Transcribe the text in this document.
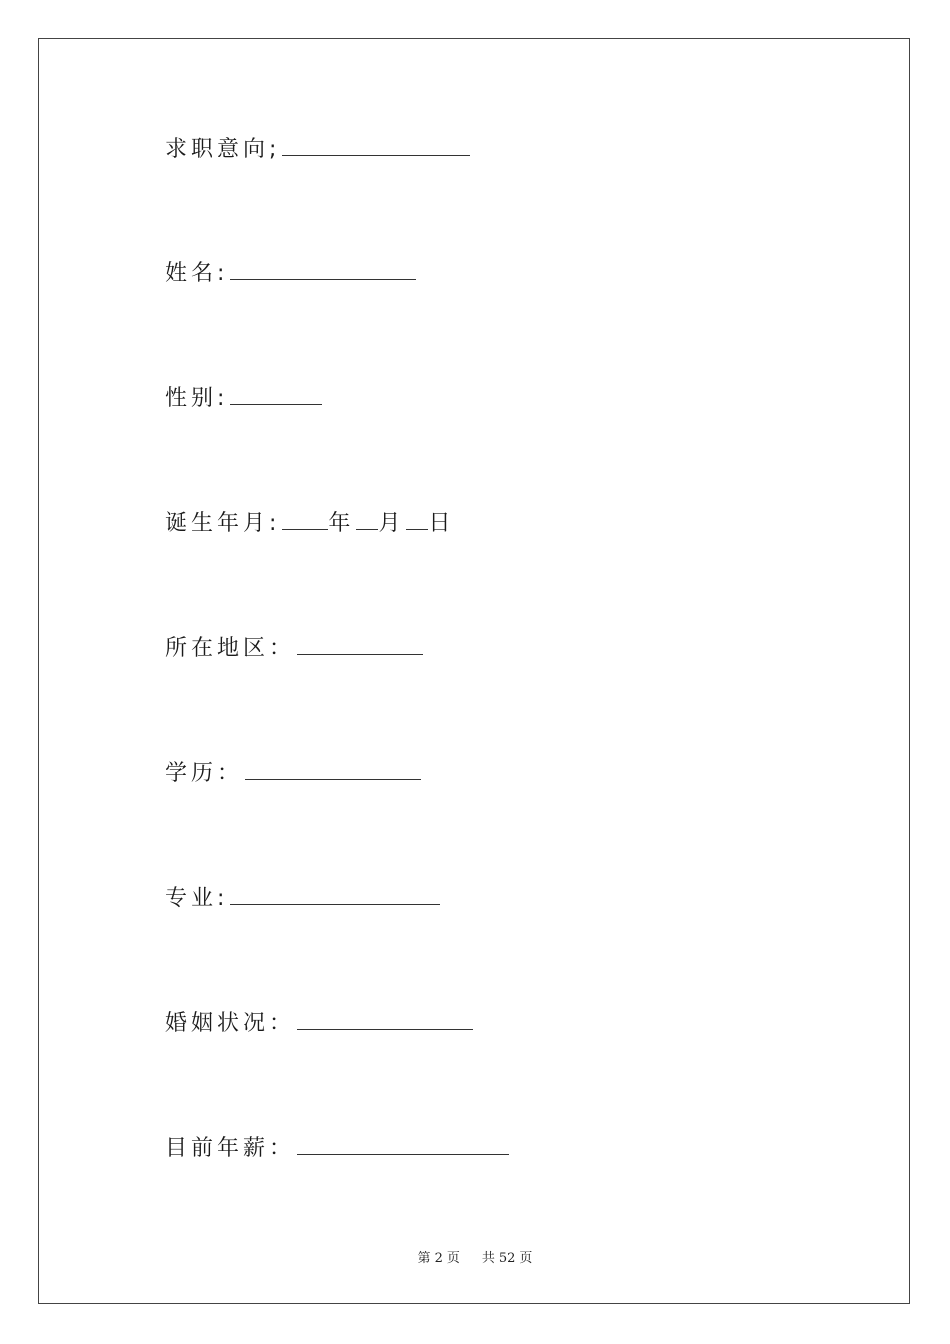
求职意向;
姓名:
性别:
诞生年月: 年 月 日
所在地区：
学历：
专业:
婚姻状况：
目前年薪：
第 2 页 共 52 页
